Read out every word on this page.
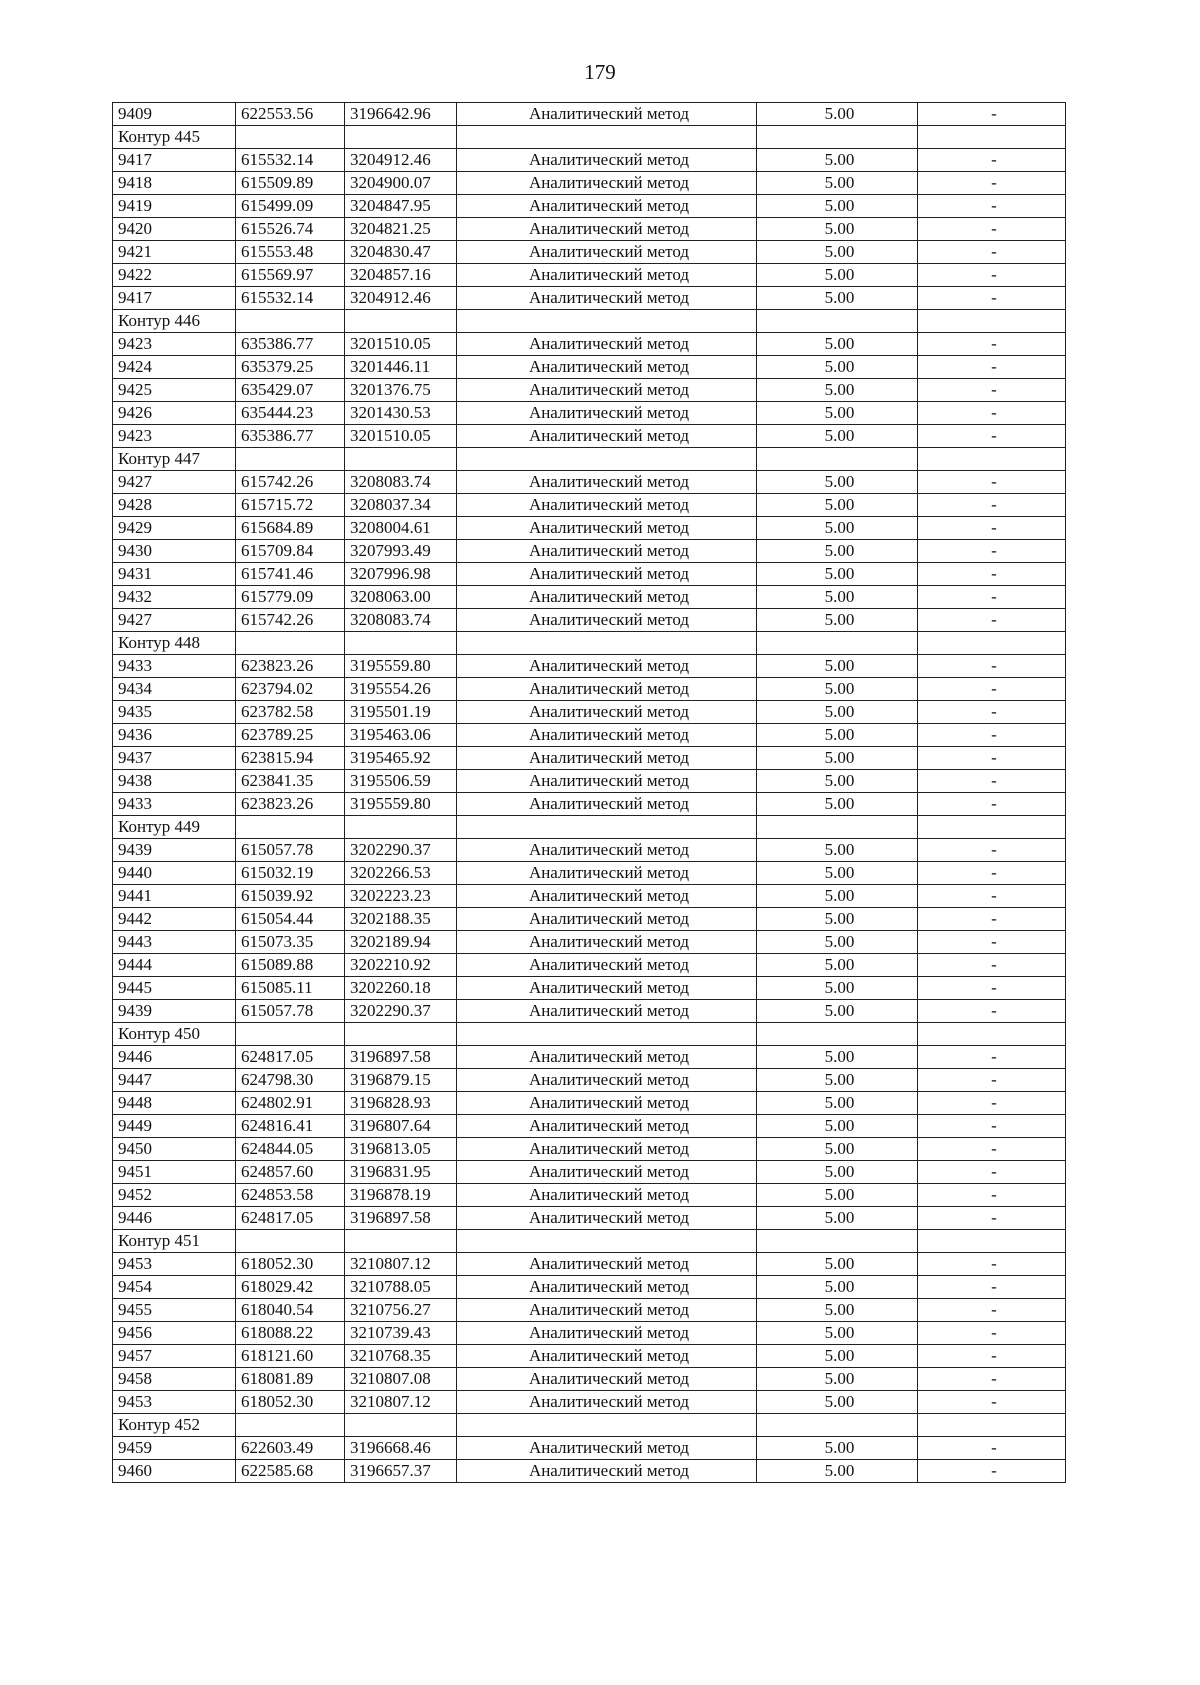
179
9409	622553.56	3196642.96	Аналитический метод	5.00	-
Контур 445					
9417	615532.14	3204912.46	Аналитический метод	5.00	-
9418	615509.89	3204900.07	Аналитический метод	5.00	-
9419	615499.09	3204847.95	Аналитический метод	5.00	-
9420	615526.74	3204821.25	Аналитический метод	5.00	-
9421	615553.48	3204830.47	Аналитический метод	5.00	-
9422	615569.97	3204857.16	Аналитический метод	5.00	-
9417	615532.14	3204912.46	Аналитический метод	5.00	-
Контур 446					
9423	635386.77	3201510.05	Аналитический метод	5.00	-
9424	635379.25	3201446.11	Аналитический метод	5.00	-
9425	635429.07	3201376.75	Аналитический метод	5.00	-
9426	635444.23	3201430.53	Аналитический метод	5.00	-
9423	635386.77	3201510.05	Аналитический метод	5.00	-
Контур 447					
9427	615742.26	3208083.74	Аналитический метод	5.00	-
9428	615715.72	3208037.34	Аналитический метод	5.00	-
9429	615684.89	3208004.61	Аналитический метод	5.00	-
9430	615709.84	3207993.49	Аналитический метод	5.00	-
9431	615741.46	3207996.98	Аналитический метод	5.00	-
9432	615779.09	3208063.00	Аналитический метод	5.00	-
9427	615742.26	3208083.74	Аналитический метод	5.00	-
Контур 448					
9433	623823.26	3195559.80	Аналитический метод	5.00	-
9434	623794.02	3195554.26	Аналитический метод	5.00	-
9435	623782.58	3195501.19	Аналитический метод	5.00	-
9436	623789.25	3195463.06	Аналитический метод	5.00	-
9437	623815.94	3195465.92	Аналитический метод	5.00	-
9438	623841.35	3195506.59	Аналитический метод	5.00	-
9433	623823.26	3195559.80	Аналитический метод	5.00	-
Контур 449					
9439	615057.78	3202290.37	Аналитический метод	5.00	-
9440	615032.19	3202266.53	Аналитический метод	5.00	-
9441	615039.92	3202223.23	Аналитический метод	5.00	-
9442	615054.44	3202188.35	Аналитический метод	5.00	-
9443	615073.35	3202189.94	Аналитический метод	5.00	-
9444	615089.88	3202210.92	Аналитический метод	5.00	-
9445	615085.11	3202260.18	Аналитический метод	5.00	-
9439	615057.78	3202290.37	Аналитический метод	5.00	-
Контур 450					
9446	624817.05	3196897.58	Аналитический метод	5.00	-
9447	624798.30	3196879.15	Аналитический метод	5.00	-
9448	624802.91	3196828.93	Аналитический метод	5.00	-
9449	624816.41	3196807.64	Аналитический метод	5.00	-
9450	624844.05	3196813.05	Аналитический метод	5.00	-
9451	624857.60	3196831.95	Аналитический метод	5.00	-
9452	624853.58	3196878.19	Аналитический метод	5.00	-
9446	624817.05	3196897.58	Аналитический метод	5.00	-
Контур 451					
9453	618052.30	3210807.12	Аналитический метод	5.00	-
9454	618029.42	3210788.05	Аналитический метод	5.00	-
9455	618040.54	3210756.27	Аналитический метод	5.00	-
9456	618088.22	3210739.43	Аналитический метод	5.00	-
9457	618121.60	3210768.35	Аналитический метод	5.00	-
9458	618081.89	3210807.08	Аналитический метод	5.00	-
9453	618052.30	3210807.12	Аналитический метод	5.00	-
Контур 452					
9459	622603.49	3196668.46	Аналитический метод	5.00	-
9460	622585.68	3196657.37	Аналитический метод	5.00	-
